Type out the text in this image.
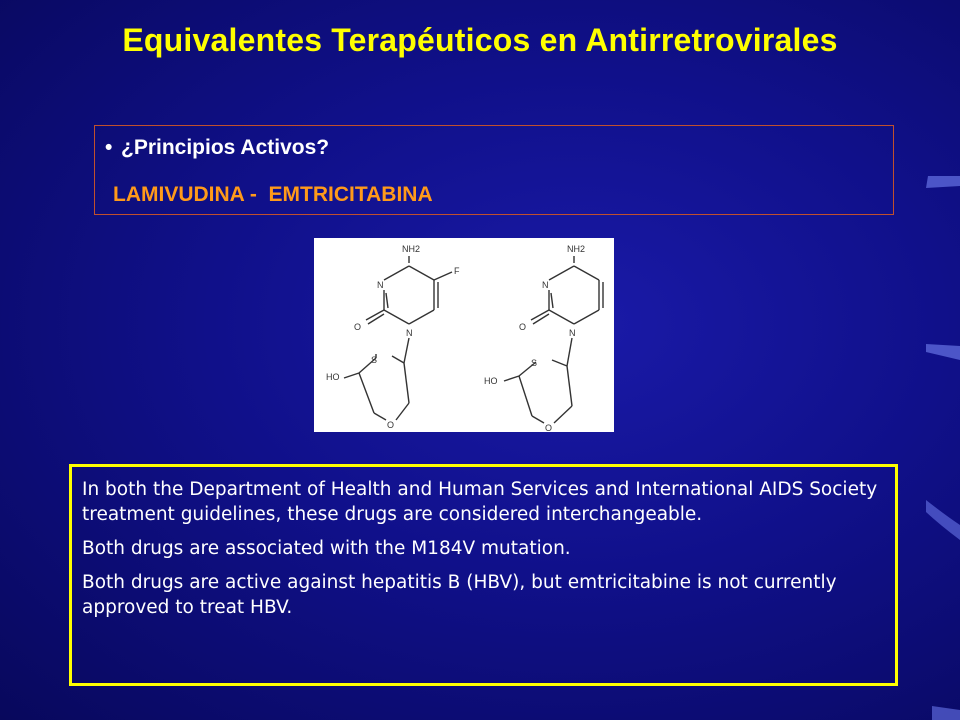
Equivalentes Terapéuticos en Antirretrovirales
• ¿Principios Activos?
LAMIVUDINA -  EMTRICITABINA
NH2
F
N
N
O
S
HO
O
NH2
N
N
O
S
HO
O

In both the Department of Health and Human Services and International AIDS Society treatment guidelines, these drugs are considered interchangeable.

Both drugs are associated with the M184V mutation.

Both drugs are active against hepatitis B (HBV), but emtricitabine is not currently approved to treat HBV.
